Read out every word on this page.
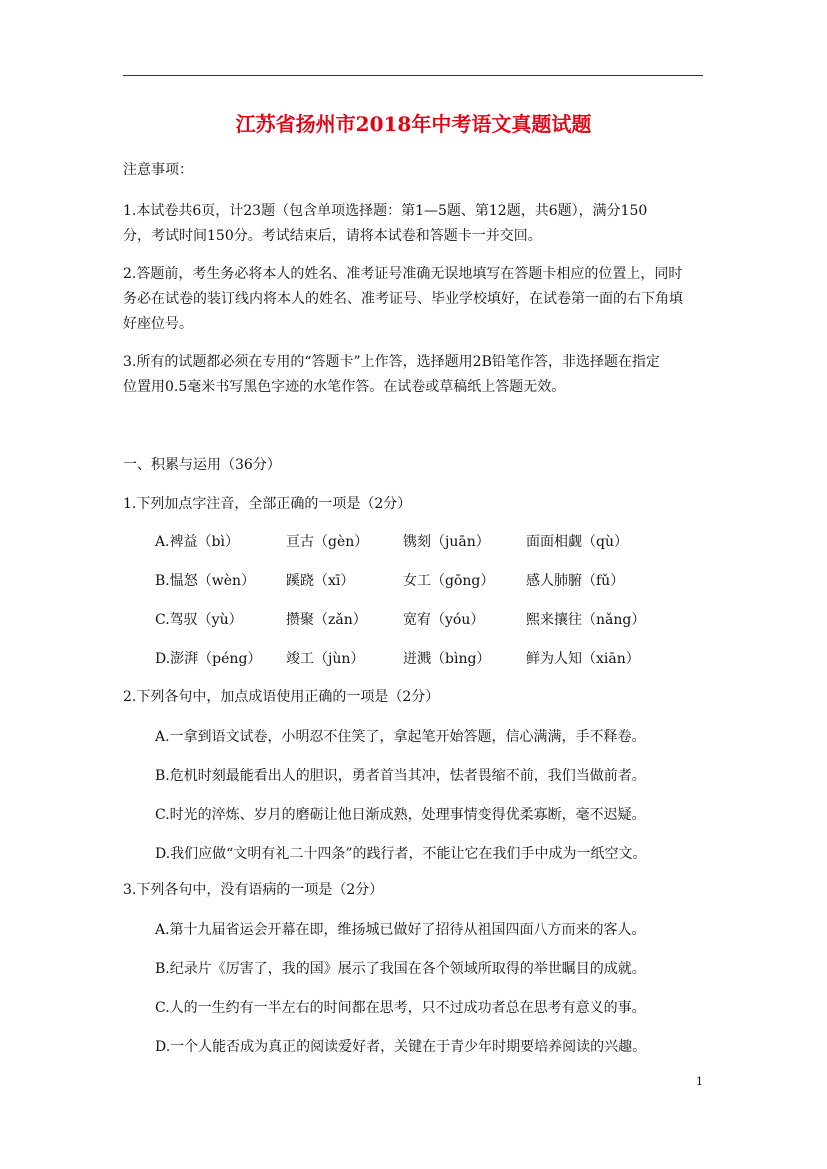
江苏省扬州市2018年中考语文真题试题
注意事项：
1.本试卷共6页，计23题（包含单项选择题：第1—5题、第12题，共6题），满分150
分，考试时间150分。考试结束后，请将本试卷和答题卡一并交回。
2.答题前，考生务必将本人的姓名、准考证号准确无误地填写在答题卡相应的位置上，同时
务必在试卷的装订线内将本人的姓名、准考证号、毕业学校填好，在试卷第一面的右下角填
好座位号。
3.所有的试题都必须在专用的“答题卡”上作答，选择题用2B铅笔作答，非选择题在指定
位置用0.5毫米书写黑色字迹的水笔作答。在试卷或草稿纸上答题无效。
一、积累与运用（36分）
1.下列加点字注音，全部正确的一项是（2分）
A.裨益（bì）	亘古（gèn） 镌刻（juān）	面面相觑（qù）
B.愠怒（wèn） 蹊跷（xī）	女工（gōng） 感人肺腑（fǔ）
C.驾驭（yù）	攒聚（zǎn）	宽宥（yóu）	熙来攘往（nǎng）
D.澎湃（péng） 竣工（jùn）	迸溅（bìng）	鲜为人知（xiān）
2.下列各句中，加点成语使用正确的一项是（2分）
A.一拿到语文试卷，小明忍不住笑了，拿起笔开始答题，信心满满，手不释卷。
B.危机时刻最能看出人的胆识，勇者首当其冲，怯者畏缩不前，我们当做前者。
C.时光的淬炼、岁月的磨砺让他日渐成熟，处理事情变得优柔寡断，毫不迟疑。
D.我们应做“文明有礼二十四条”的践行者，不能让它在我们手中成为一纸空文。
3.下列各句中，没有语病的一项是（2分）
A.第十九届省运会开幕在即，维扬城已做好了招待从祖国四面八方而来的客人。
B.纪录片《厉害了，我的国》展示了我国在各个领域所取得的举世瞩目的成就。
C.人的一生约有一半左右的时间都在思考，只不过成功者总在思考有意义的事。
D.一个人能否成为真正的阅读爱好者，关键在于青少年时期要培养阅读的兴趣。
1
